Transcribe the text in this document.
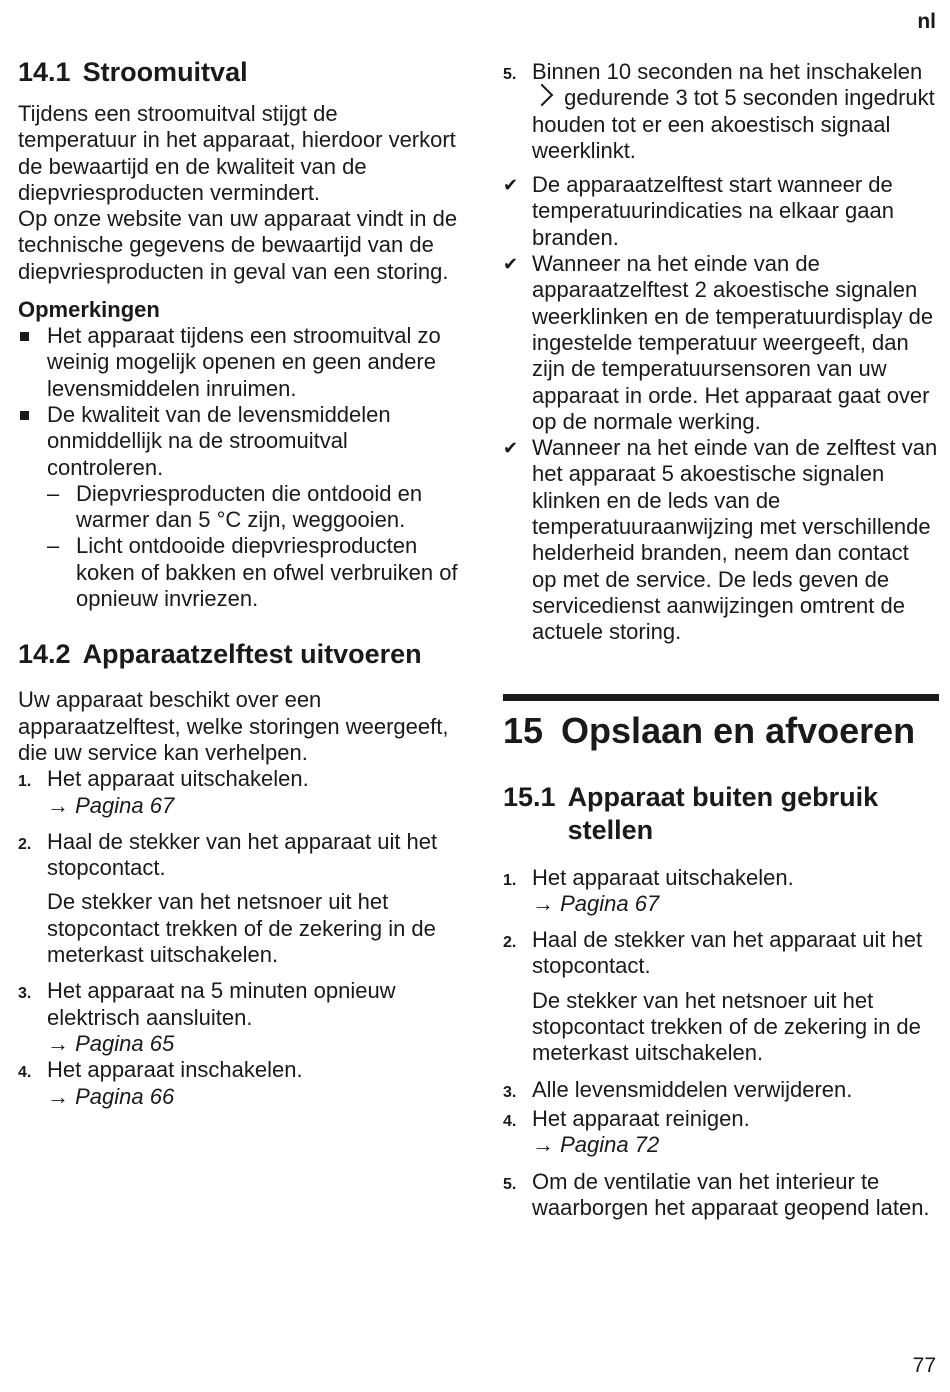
nl
14.1 Stroomuitval

Tijdens een stroomuitval stijgt de temperatuur in het apparaat, hierdoor verkort de bewaartijd en de kwaliteit van de diepvriesproducten vermindert.

Op onze website van uw apparaat vindt in de technische gegevens de bewaartijd van de diepvriesproducten in geval van een storing.

Opmerkingen
Het apparaat tijdens een stroomuitval zo weinig mogelijk openen en geen andere levensmiddelen inruimen.
De kwaliteit van de levensmiddelen onmiddellijk na de stroomuitval controleren.
– Diepvriesproducten die ontdooid en warmer dan 5 °C zijn, weggooien.
– Licht ontdooide diepvriesproducten koken of bakken en ofwel verbruiken of opnieuw invriezen.
14.2 Apparaatzelftest uitvoeren

Uw apparaat beschikt over een apparaatzelftest, welke storingen weergeeft, die uw service kan verhelpen.

1. Het apparaat uitschakelen.
→ Pagina 67
2. Haal de stekker van het apparaat uit het stopcontact.
De stekker van het netsnoer uit het stopcontact trekken of de zekering in de meterkast uitschakelen.
3. Het apparaat na 5 minuten opnieuw elektrisch aansluiten.
→ Pagina 65
4. Het apparaat inschakelen.
→ Pagina 66
5. Binnen 10 seconden na het inschakelen  gedurende 3 tot 5 seconden ingedrukt houden tot er een akoestisch signaal weerklinkt.
✔ De apparaatzelftest start wanneer de temperatuurindicaties na elkaar gaan branden.
✔ Wanneer na het einde van de apparaatzelftest 2 akoestische signalen weerklinken en de temperatuurdisplay de ingestelde temperatuur weergeeft, dan zijn de temperatuursensoren van uw apparaat in orde. Het apparaat gaat over op de normale werking.
✔ Wanneer na het einde van de zelftest van het apparaat 5 akoestische signalen klinken en de leds van de temperatuuraanwijzing met verschillende helderheid branden, neem dan contact op met de service. De leds geven de servicedienst aanwijzingen omtrent de actuele storing.
15 Opslaan en afvoeren
15.1 Apparaat buiten gebruik stellen
1. Het apparaat uitschakelen.
→ Pagina 67
2. Haal de stekker van het apparaat uit het stopcontact.
De stekker van het netsnoer uit het stopcontact trekken of de zekering in de meterkast uitschakelen.
3. Alle levensmiddelen verwijderen.
4. Het apparaat reinigen.
→ Pagina 72
5. Om de ventilatie van het interieur te waarborgen het apparaat geopend laten.
77
